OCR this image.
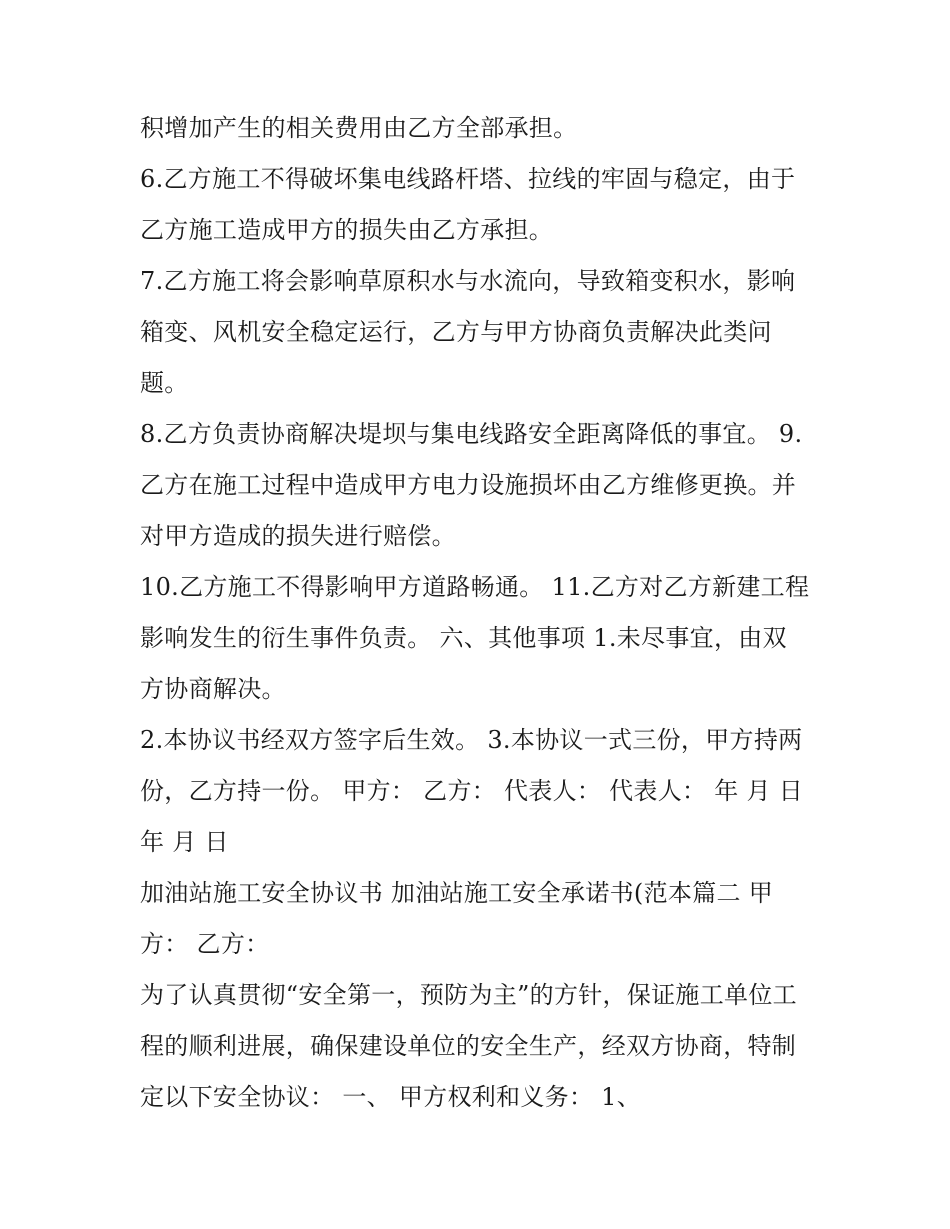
积增加产生的相关费用由乙方全部承担。
6.乙方施工不得破坏集电线路杆塔、拉线的牢固与稳定，由于
乙方施工造成甲方的损失由乙方承担。
7.乙方施工将会影响草原积水与水流向，导致箱变积水，影响
箱变、风机安全稳定运行，乙方与甲方协商负责解决此类问
题。
8.乙方负责协商解决堤坝与集电线路安全距离降低的事宜。 9.
乙方在施工过程中造成甲方电力设施损坏由乙方维修更换。并
对甲方造成的损失进行赔偿。
10.乙方施工不得影响甲方道路畅通。 11.乙方对乙方新建工程
影响发生的衍生事件负责。 六、其他事项 1.未尽事宜，由双
方协商解决。
2.本协议书经双方签字后生效。 3.本协议一式三份，甲方持两
份，乙方持一份。 甲方： 乙方： 代表人： 代表人： 年 月 日
年 月 日
加油站施工安全协议书 加油站施工安全承诺书(范本篇二 甲
方： 乙方：
为了认真贯彻“安全第一，预防为主”的方针，保证施工单位工
程的顺利进展，确保建设单位的安全生产，经双方协商，特制
定以下安全协议： 一、 甲方权利和义务： 1、
